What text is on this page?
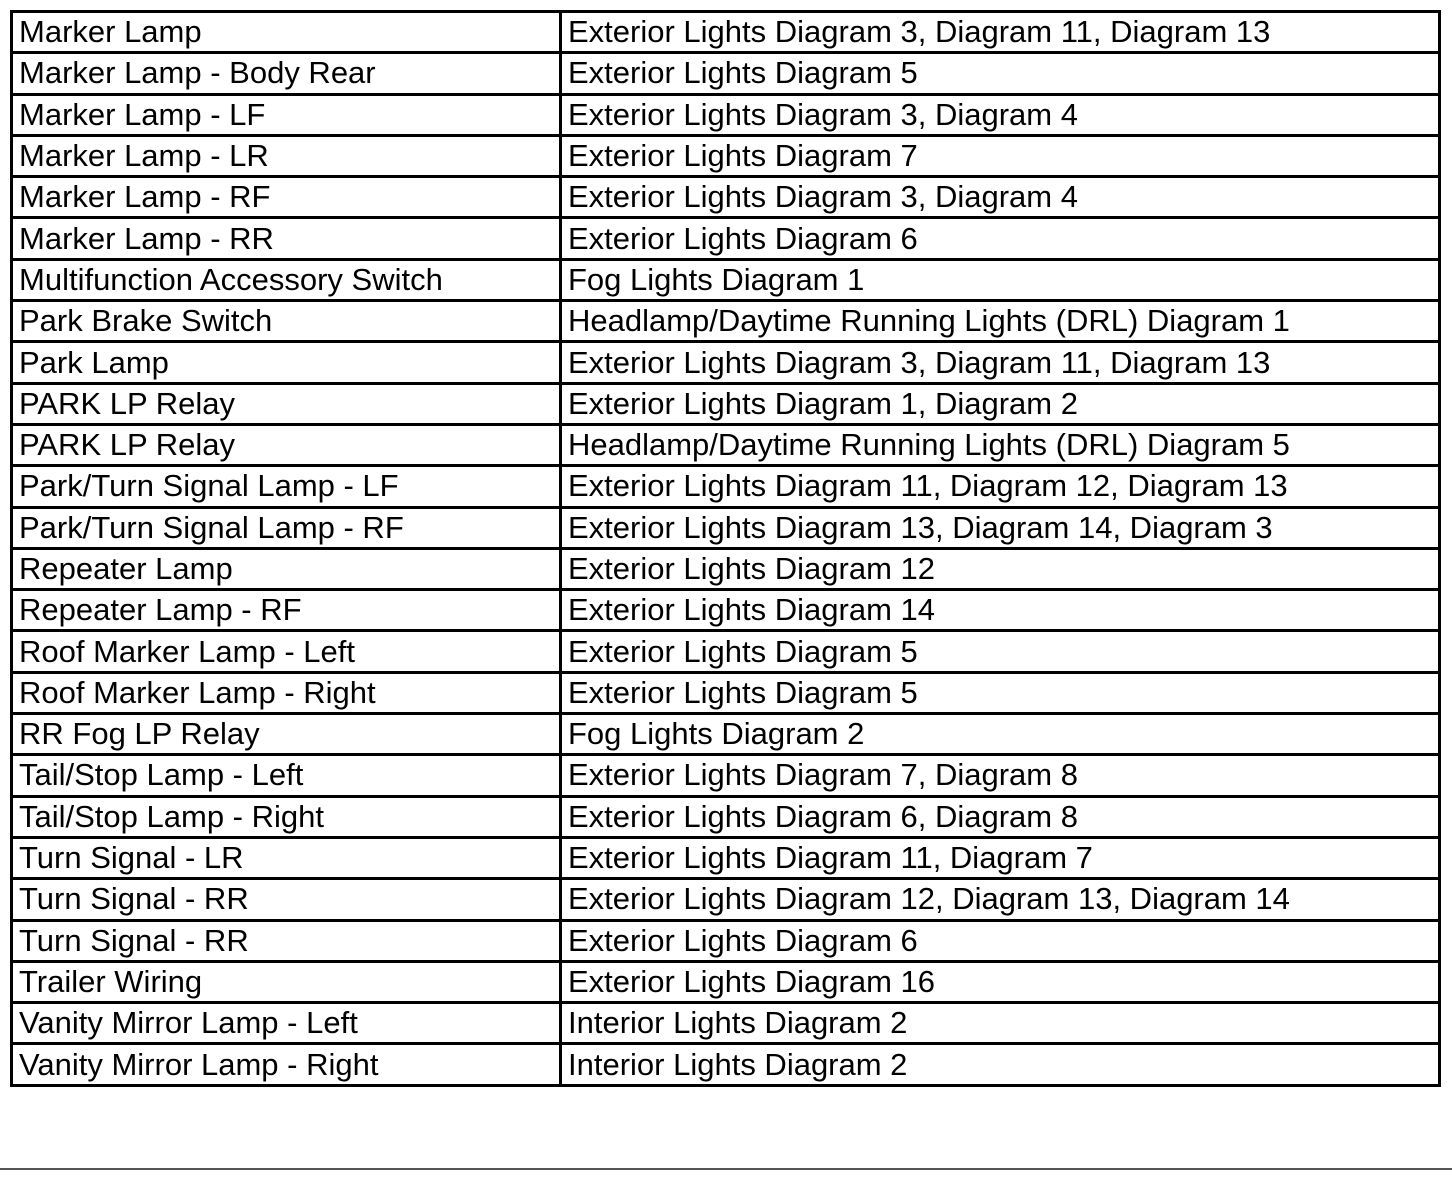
Marker Lamp	Exterior Lights Diagram 3, Diagram 11, Diagram 13
Marker Lamp - Body Rear	Exterior Lights Diagram 5
Marker Lamp - LF	Exterior Lights Diagram 3, Diagram 4
Marker Lamp - LR	Exterior Lights Diagram 7
Marker Lamp - RF	Exterior Lights Diagram 3, Diagram 4
Marker Lamp - RR	Exterior Lights Diagram 6
Multifunction Accessory Switch	Fog Lights Diagram 1
Park Brake Switch	Headlamp/Daytime Running Lights (DRL) Diagram 1
Park Lamp	Exterior Lights Diagram 3, Diagram 11, Diagram 13
PARK LP Relay	Exterior Lights Diagram 1, Diagram 2
PARK LP Relay	Headlamp/Daytime Running Lights (DRL) Diagram 5
Park/Turn Signal Lamp - LF	Exterior Lights Diagram 11, Diagram 12, Diagram 13
Park/Turn Signal Lamp - RF	Exterior Lights Diagram 13, Diagram 14, Diagram 3
Repeater Lamp	Exterior Lights Diagram 12
Repeater Lamp - RF	Exterior Lights Diagram 14
Roof Marker Lamp - Left	Exterior Lights Diagram 5
Roof Marker Lamp - Right	Exterior Lights Diagram 5
RR Fog LP Relay	Fog Lights Diagram 2
Tail/Stop Lamp - Left	Exterior Lights Diagram 7, Diagram 8
Tail/Stop Lamp - Right	Exterior Lights Diagram 6, Diagram 8
Turn Signal - LR	Exterior Lights Diagram 11, Diagram 7
Turn Signal - RR	Exterior Lights Diagram 12, Diagram 13, Diagram 14
Turn Signal - RR	Exterior Lights Diagram 6
Trailer Wiring	Exterior Lights Diagram 16
Vanity Mirror Lamp - Left	Interior Lights Diagram 2
Vanity Mirror Lamp - Right	Interior Lights Diagram 2
